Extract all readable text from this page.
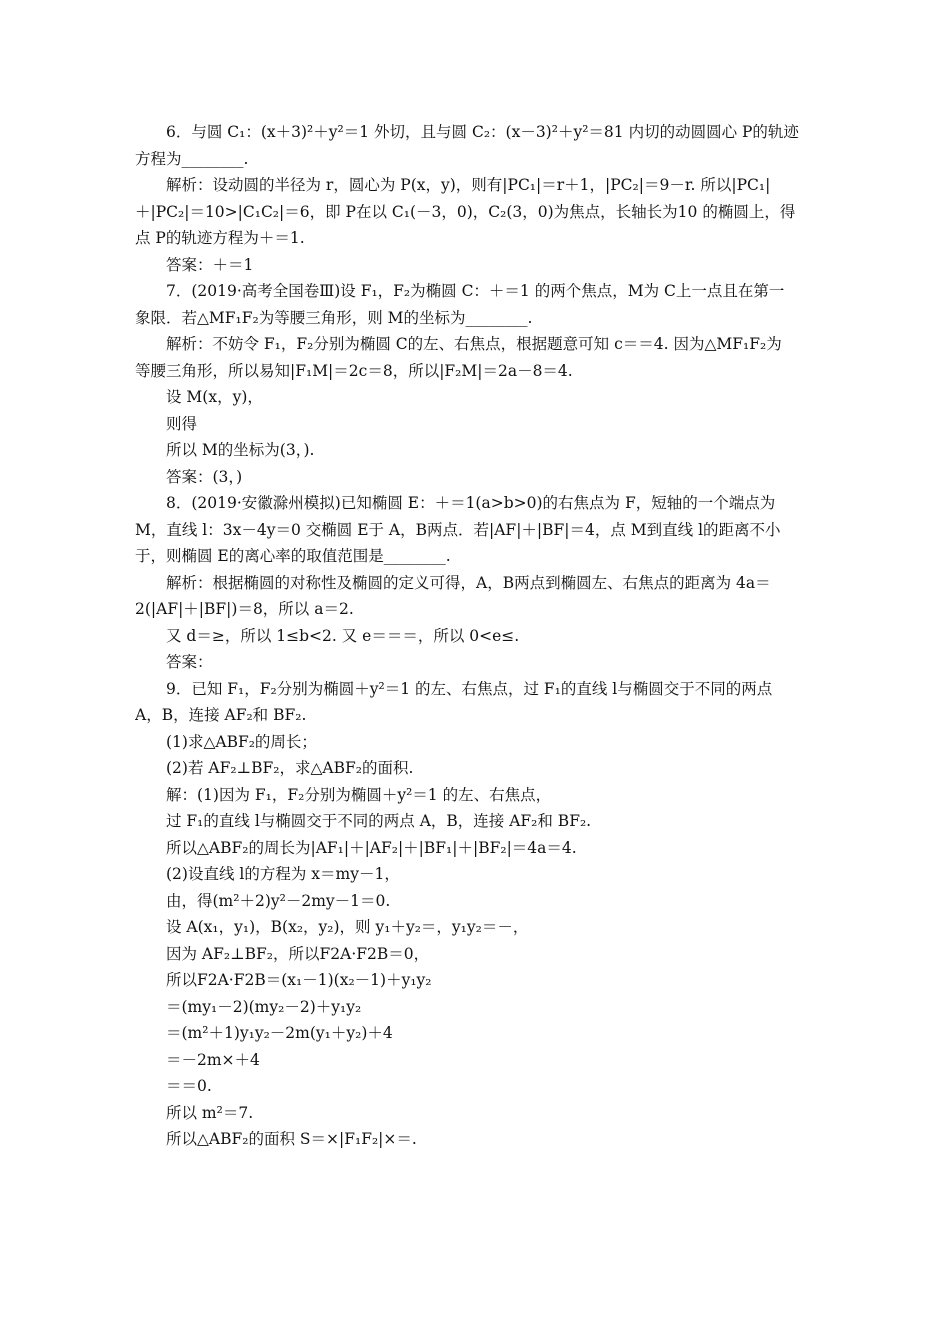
6．与圆 C₁：(x＋3)²＋y²＝1 外切，且与圆 C₂：(x－3)²＋y²＝81 内切的动圆圆心 P的轨迹
方程为________.
解析：设动圆的半径为 r，圆心为 P(x，y)，则有|PC₁|＝r＋1，|PC₂|＝9－r. 所以|PC₁|
＋|PC₂|＝10>|C₁C₂|＝6，即 P在以 C₁(－3，0)，C₂(3，0)为焦点，长轴长为10 的椭圆上，得
点 P的轨迹方程为＋＝1.
答案：＋＝1
7．(2019·高考全国卷Ⅲ)设 F₁，F₂为椭圆 C：＋＝1 的两个焦点，M为 C上一点且在第一
象限．若△MF₁F₂为等腰三角形，则 M的坐标为________.
解析：不妨令 F₁，F₂分别为椭圆 C的左、右焦点，根据题意可知 c＝＝4. 因为△MF₁F₂为
等腰三角形，所以易知|F₁M|＝2c＝8，所以|F₂M|＝2a－8＝4.
设 M(x，y)，
则得
所以 M的坐标为(3，).
答案：(3，)
8．(2019·安徽滁州模拟)已知椭圆 E：＋＝1(a>b>0)的右焦点为 F，短轴的一个端点为
M，直线 l：3x－4y＝0 交椭圆 E于 A，B两点．若|AF|＋|BF|＝4，点 M到直线 l的距离不小
于，则椭圆 E的离心率的取值范围是________.
解析：根据椭圆的对称性及椭圆的定义可得，A，B两点到椭圆左、右焦点的距离为 4a＝
2(|AF|＋|BF|)＝8，所以 a＝2.
又 d＝≥，所以 1≤b<2. 又 e＝＝＝，所以 0<e≤.
答案：
9．已知 F₁，F₂分别为椭圆＋y²＝1 的左、右焦点，过 F₁的直线 l与椭圆交于不同的两点
A，B，连接 AF₂和 BF₂.
(1)求△ABF₂的周长；
(2)若 AF₂⊥BF₂，求△ABF₂的面积.
解：(1)因为 F₁，F₂分别为椭圆＋y²＝1 的左、右焦点，
过 F₁的直线 l与椭圆交于不同的两点 A，B，连接 AF₂和 BF₂.
所以△ABF₂的周长为|AF₁|＋|AF₂|＋|BF₁|＋|BF₂|＝4a＝4.
(2)设直线 l的方程为 x＝my－1，
由，得(m²＋2)y²－2my－1＝0.
设 A(x₁，y₁)，B(x₂，y₂)，则 y₁＋y₂＝，y₁y₂＝－，
因为 AF₂⊥BF₂，所以F2A·F2B＝0，
所以F2A·F2B＝(x₁－1)(x₂－1)＋y₁y₂
＝(my₁－2)(my₂－2)＋y₁y₂
＝(m²＋1)y₁y₂－2m(y₁＋y₂)＋4
＝－2m×＋4
＝＝0.
所以 m²＝7.
所以△ABF₂的面积 S＝×|F₁F₂|×＝.
